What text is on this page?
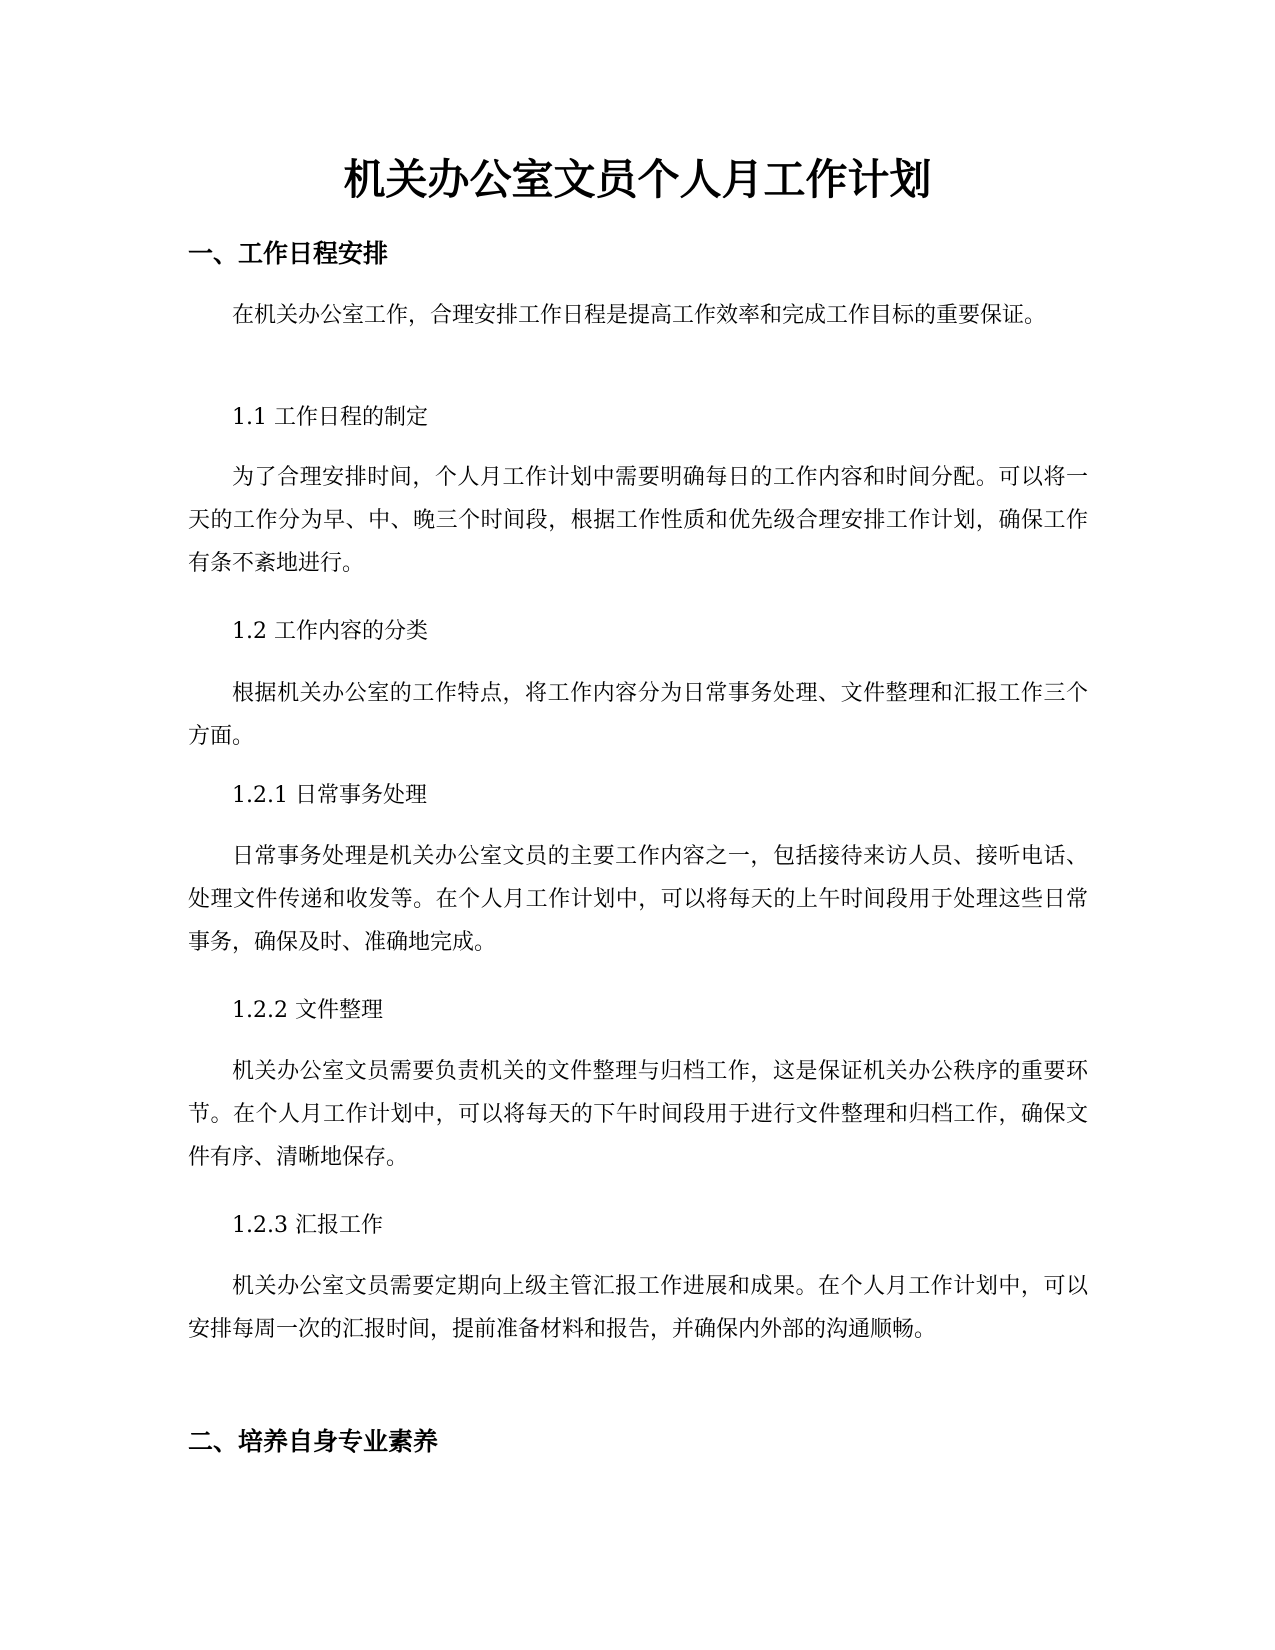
机关办公室文员个人月工作计划
一、工作日程安排

在机关办公室工作，合理安排工作日程是提高工作效率和完成工作目标的重要保证。

1.1 工作日程的制定

为了合理安排时间，个人月工作计划中需要明确每日的工作内容和时间分配。可以将一天的工作分为早、中、晚三个时间段，根据工作性质和优先级合理安排工作计划，确保工作有条不紊地进行。

1.2 工作内容的分类

根据机关办公室的工作特点，将工作内容分为日常事务处理、文件整理和汇报工作三个方面。

1.2.1 日常事务处理

日常事务处理是机关办公室文员的主要工作内容之一，包括接待来访人员、接听电话、处理文件传递和收发等。在个人月工作计划中，可以将每天的上午时间段用于处理这些日常事务，确保及时、准确地完成。

1.2.2 文件整理

机关办公室文员需要负责机关的文件整理与归档工作，这是保证机关办公秩序的重要环节。在个人月工作计划中，可以将每天的下午时间段用于进行文件整理和归档工作，确保文件有序、清晰地保存。

1.2.3 汇报工作

机关办公室文员需要定期向上级主管汇报工作进展和成果。在个人月工作计划中，可以安排每周一次的汇报时间，提前准备材料和报告，并确保内外部的沟通顺畅。

二、培养自身专业素养
